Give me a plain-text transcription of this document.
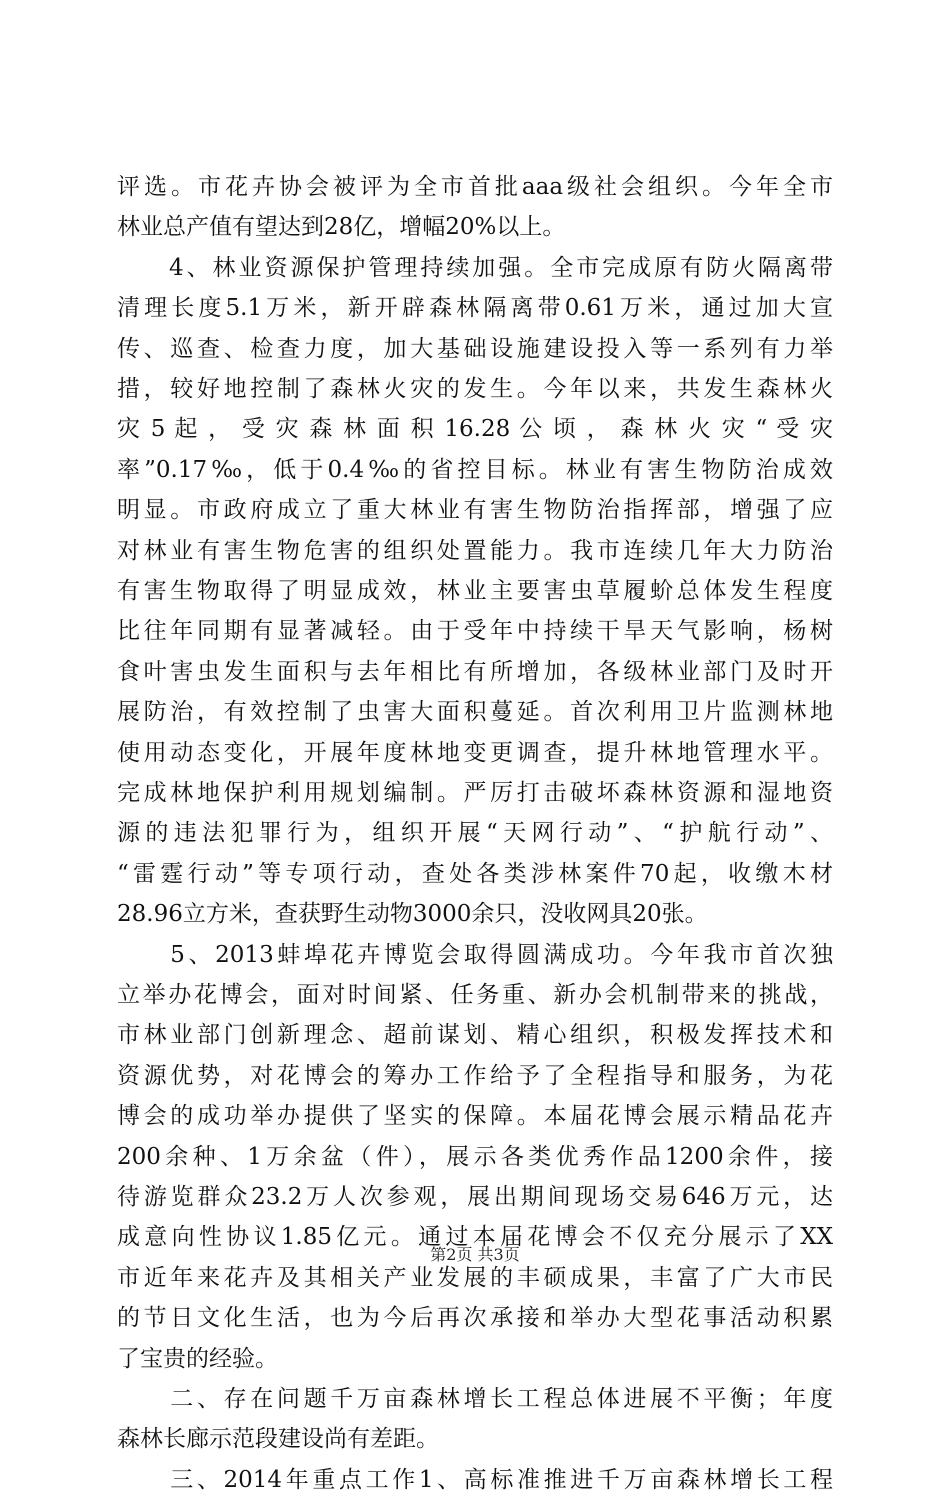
评选。市花卉协会被评为全市首批aaa级社会组织。今年全市
林业总产值有望达到28亿，增幅20%以上。
　　4、林业资源保护管理持续加强。全市完成原有防火隔离带
清理长度5.1万米，新开辟森林隔离带0.61万米，通过加大宣
传、巡查、检查力度，加大基础设施建设投入等一系列有力举
措，较好地控制了森林火灾的发生。今年以来，共发生森林火
灾 5 起 ， 受 灾 森 林 面 积 16.28 公 顷 ， 森 林 火 灾 “ 受 灾
率”0.17‰，低于0.4‰的省控目标。林业有害生物防治成效
明显。市政府成立了重大林业有害生物防治指挥部，增强了应
对林业有害生物危害的组织处置能力。我市连续几年大力防治
有害生物取得了明显成效，林业主要害虫草履蚧总体发生程度
比往年同期有显著减轻。由于受年中持续干旱天气影响，杨树
食叶害虫发生面积与去年相比有所增加，各级林业部门及时开
展防治，有效控制了虫害大面积蔓延。首次利用卫片监测林地
使用动态变化，开展年度林地变更调查，提升林地管理水平。
完成林地保护利用规划编制。严厉打击破坏森林资源和湿地资
源的违法犯罪行为，组织开展“天网行动”、“护航行动”、
“雷霆行动”等专项行动，查处各类涉林案件70起，收缴木材
28.96立方米，查获野生动物3000余只，没收网具20张。
　　5、2013蚌埠花卉博览会取得圆满成功。今年我市首次独
立举办花博会，面对时间紧、任务重、新办会机制带来的挑战，
市林业部门创新理念、超前谋划、精心组织，积极发挥技术和
资源优势，对花博会的筹办工作给予了全程指导和服务，为花
博会的成功举办提供了坚实的保障。本届花博会展示精品花卉
200余种、1万余盆（件），展示各类优秀作品1200余件，接
待游览群众23.2万人次参观，展出期间现场交易646万元，达
成意向性协议1.85亿元。通过本届花博会不仅充分展示了XX
市近年来花卉及其相关产业发展的丰硕成果，丰富了广大市民
的节日文化生活，也为今后再次承接和举办大型花事活动积累
了宝贵的经验。
　　二、存在问题千万亩森林增长工程总体进展不平衡；年度
森林长廊示范段建设尚有差距。
　　三、2014年重点工作1、高标准推进千万亩森林增长工程
第2页 共3页
